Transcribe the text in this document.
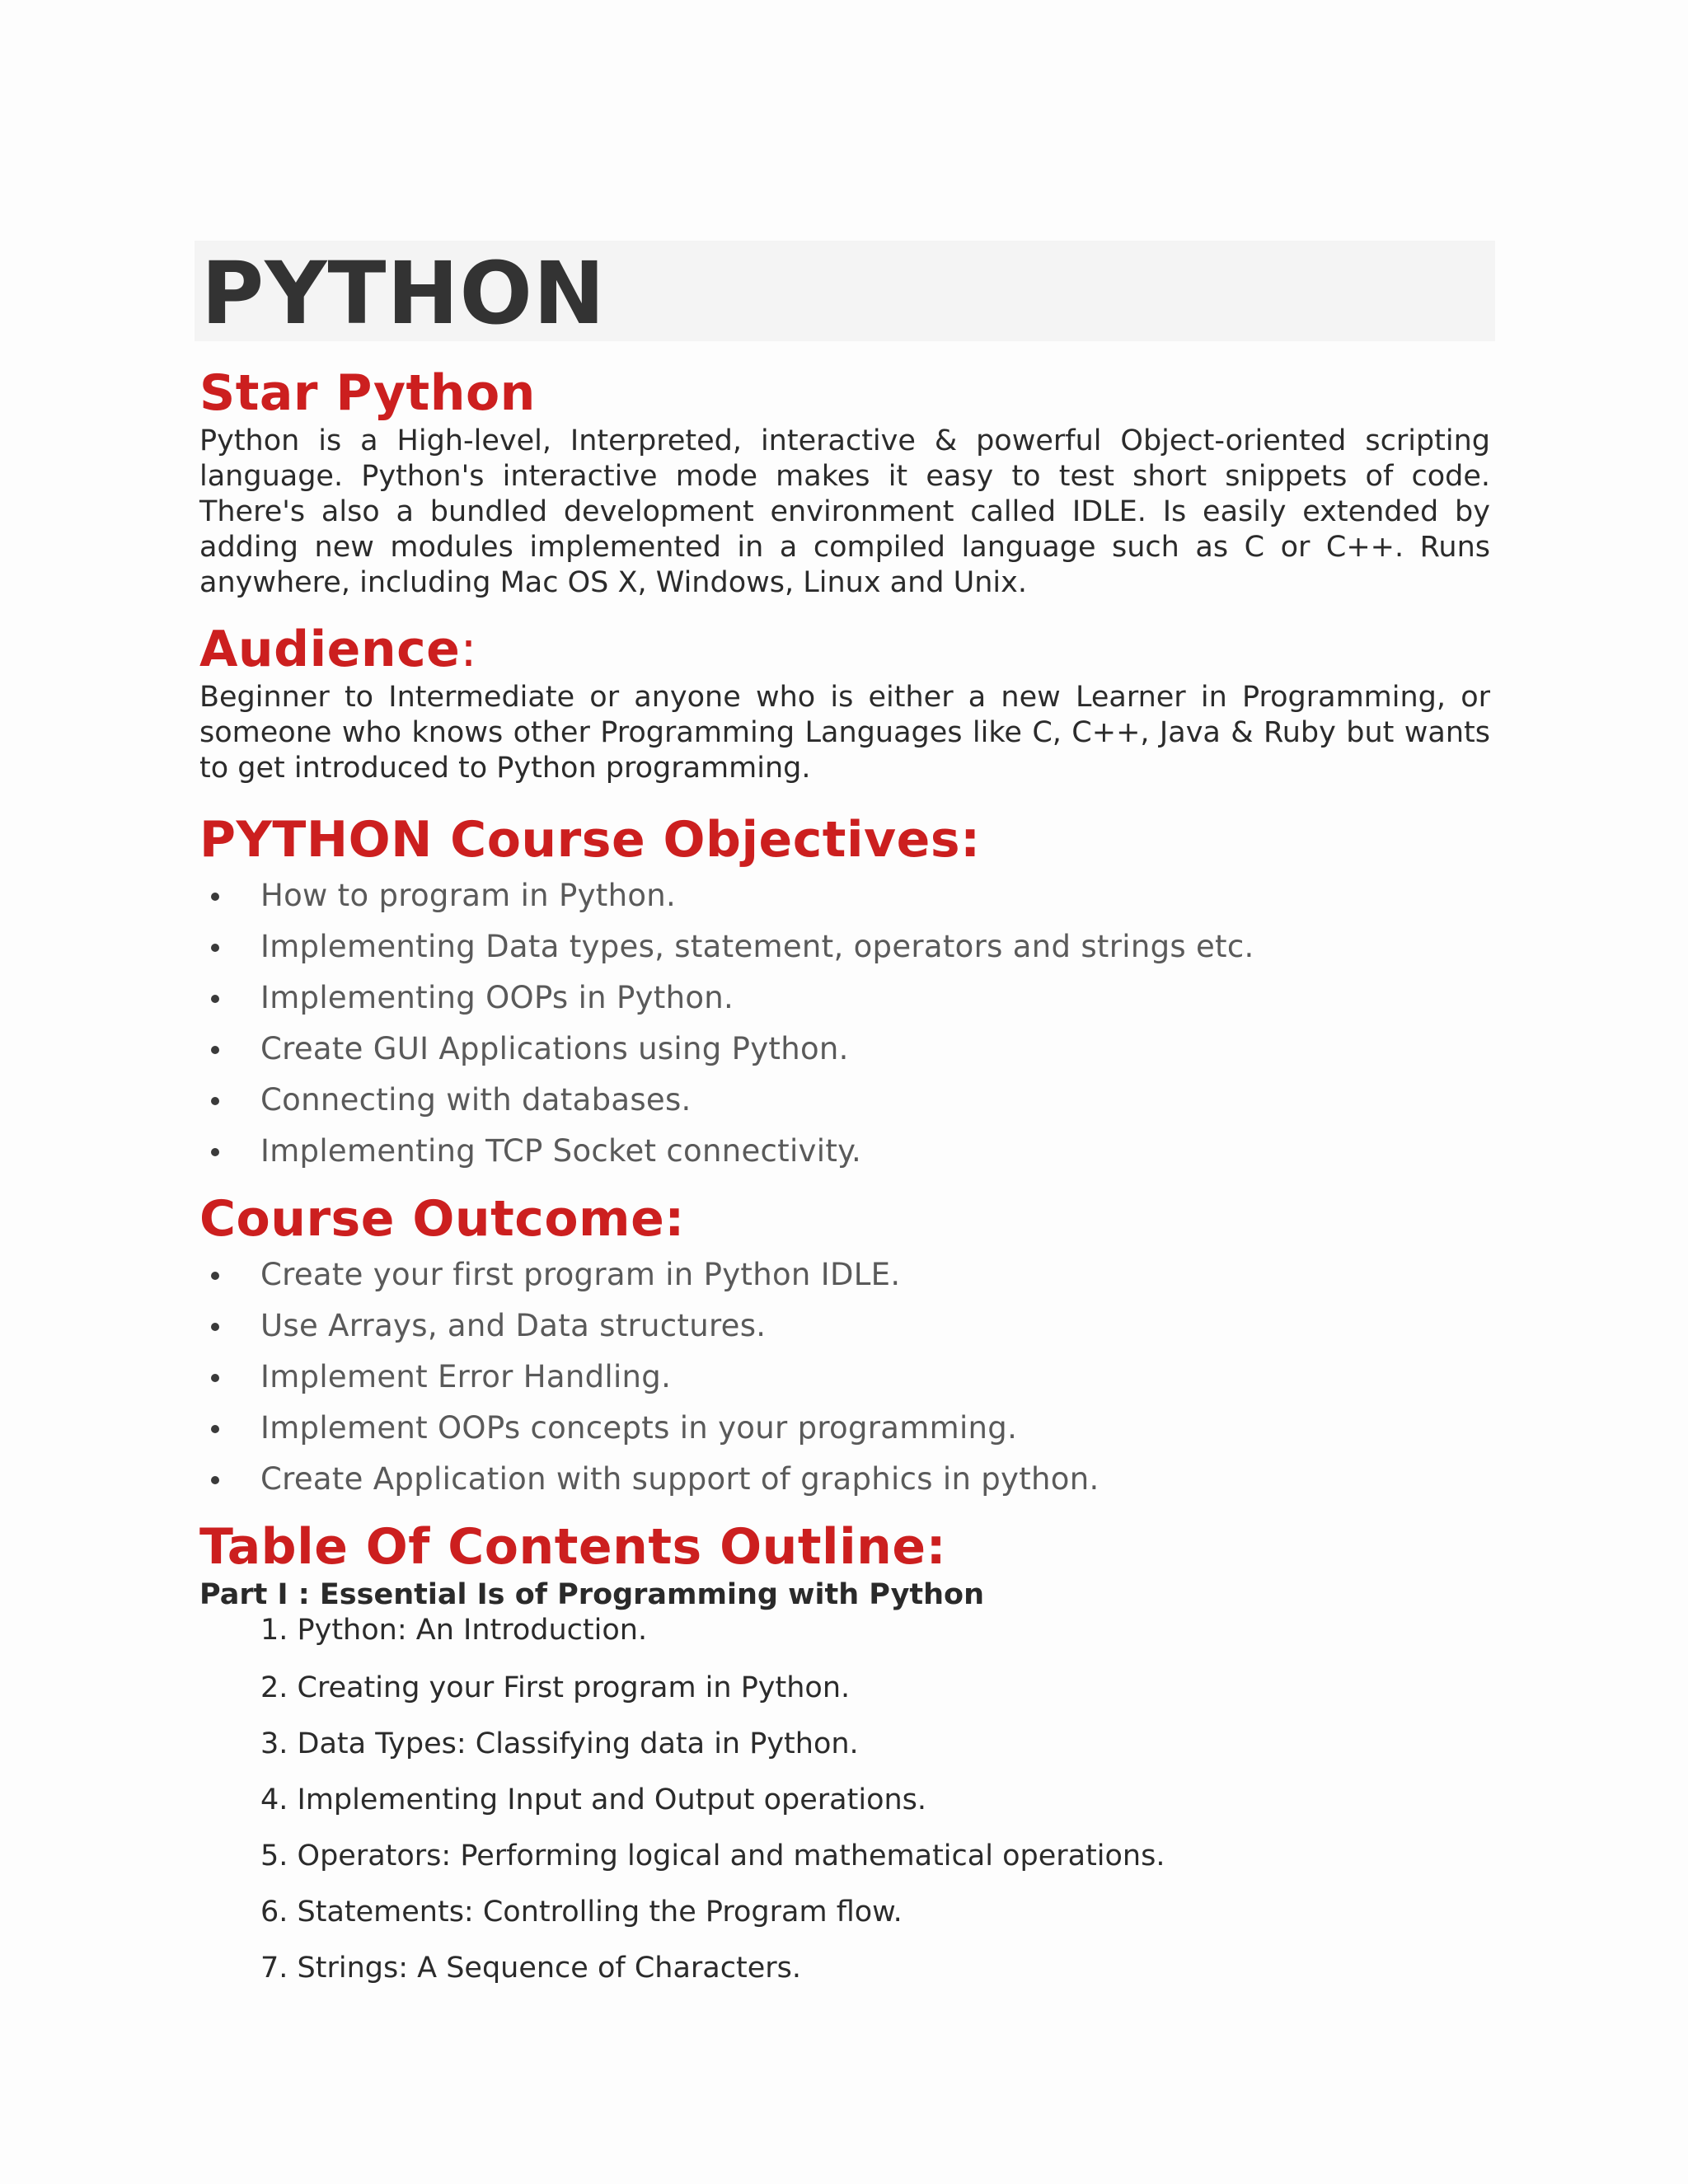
PYTHON
Star Python

Python is a High-level, Interpreted, interactive & powerful Object-oriented scripting language. Python's interactive mode makes it easy to test short snippets of code. There's also a bundled development environment called IDLE. Is easily extended by adding new modules implemented in a compiled language such as C or C++. Runs anywhere, including Mac OS X, Windows, Linux and Unix.

Audience:

Beginner to Intermediate or anyone who is either a new Learner in Programming, or someone who knows other Programming Languages like C, C++, Java & Ruby but wants to get introduced to Python programming.

PYTHON Course Objectives:
How to program in Python.
Implementing Data types, statement, operators and strings etc.
Implementing OOPs in Python.
Create GUI Applications using Python.
Connecting with databases.
Implementing TCP Socket connectivity.
Course Outcome:
Create your first program in Python IDLE.
Use Arrays, and Data structures.
Implement Error Handling.
Implement OOPs concepts in your programming.
Create Application with support of graphics in python.
Table Of Contents Outline:

Part I : Essential Is of Programming with Python

1. Python: An Introduction.
2. Creating your First program in Python.
3. Data Types: Classifying data in Python.
4. Implementing Input and Output operations.
5. Operators: Performing logical and mathematical operations.
6. Statements: Controlling the Program flow.
7. Strings: A Sequence of Characters.
